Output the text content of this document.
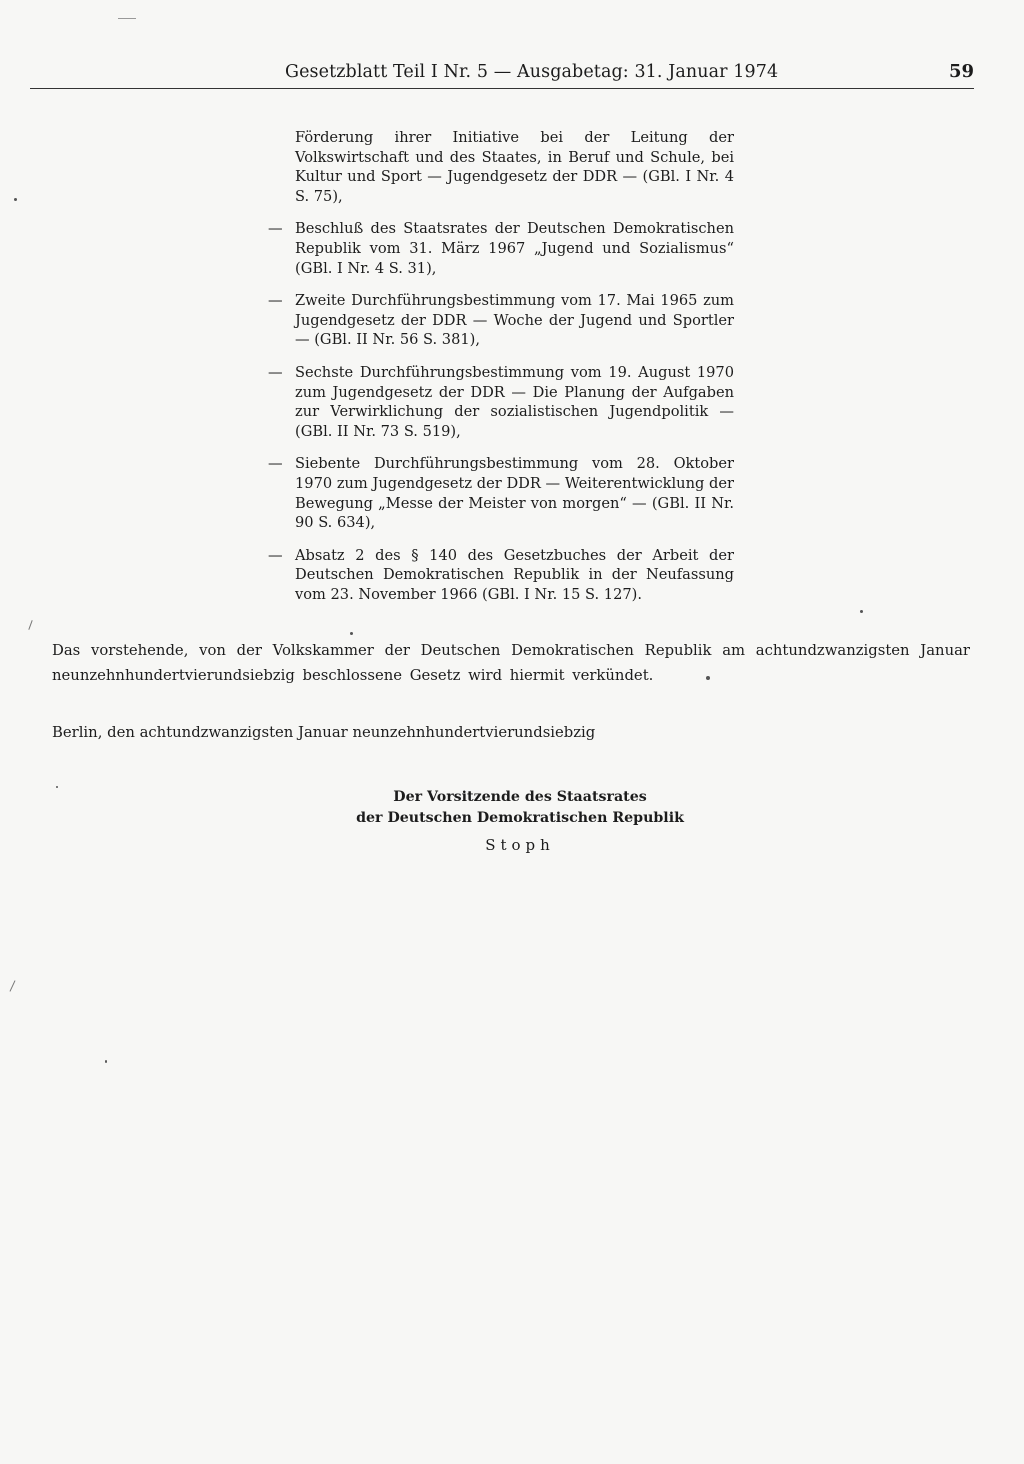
Gesetzblatt Teil I Nr. 5 — Ausgabetag: 31. Januar 1974	59
Förderung ihrer Initiative bei der Leitung der Volkswirtschaft und des Staates, in Beruf und Schule, bei Kultur und Sport — Jugendgesetz der DDR — (GBl. I Nr. 4 S. 75),
— Beschluß des Staatsrates der Deutschen Demokratischen Republik vom 31. März 1967 „Jugend und Sozialismus“ (GBl. I Nr. 4 S. 31),
— Zweite Durchführungsbestimmung vom 17. Mai 1965 zum Jugendgesetz der DDR — Woche der Jugend und Sportler — (GBl. II Nr. 56 S. 381),
— Sechste Durchführungsbestimmung vom 19. August 1970 zum Jugendgesetz der DDR — Die Planung der Aufgaben zur Verwirklichung der sozialistischen Jugendpolitik — (GBl. II Nr. 73 S. 519),
— Siebente Durchführungsbestimmung vom 28. Oktober 1970 zum Jugendgesetz der DDR — Weiterentwicklung der Bewegung „Messe der Meister von morgen“ — (GBl. II Nr. 90 S. 634),
— Absatz 2 des § 140 des Gesetzbuches der Arbeit der Deutschen Demokratischen Republik in der Neufassung vom 23. November 1966 (GBl. I Nr. 15 S. 127).
Das vorstehende, von der Volkskammer der Deutschen Demokratischen Republik am achtundzwanzigsten Januar neunzehnhundertvierundsiebzig beschlossene Gesetz wird hiermit verkündet.
Berlin, den achtundzwanzigsten Januar neunzehnhundertvierundsiebzig
Der Vorsitzende des Staatsrates
der Deutschen Demokratischen Republik
Stoph
